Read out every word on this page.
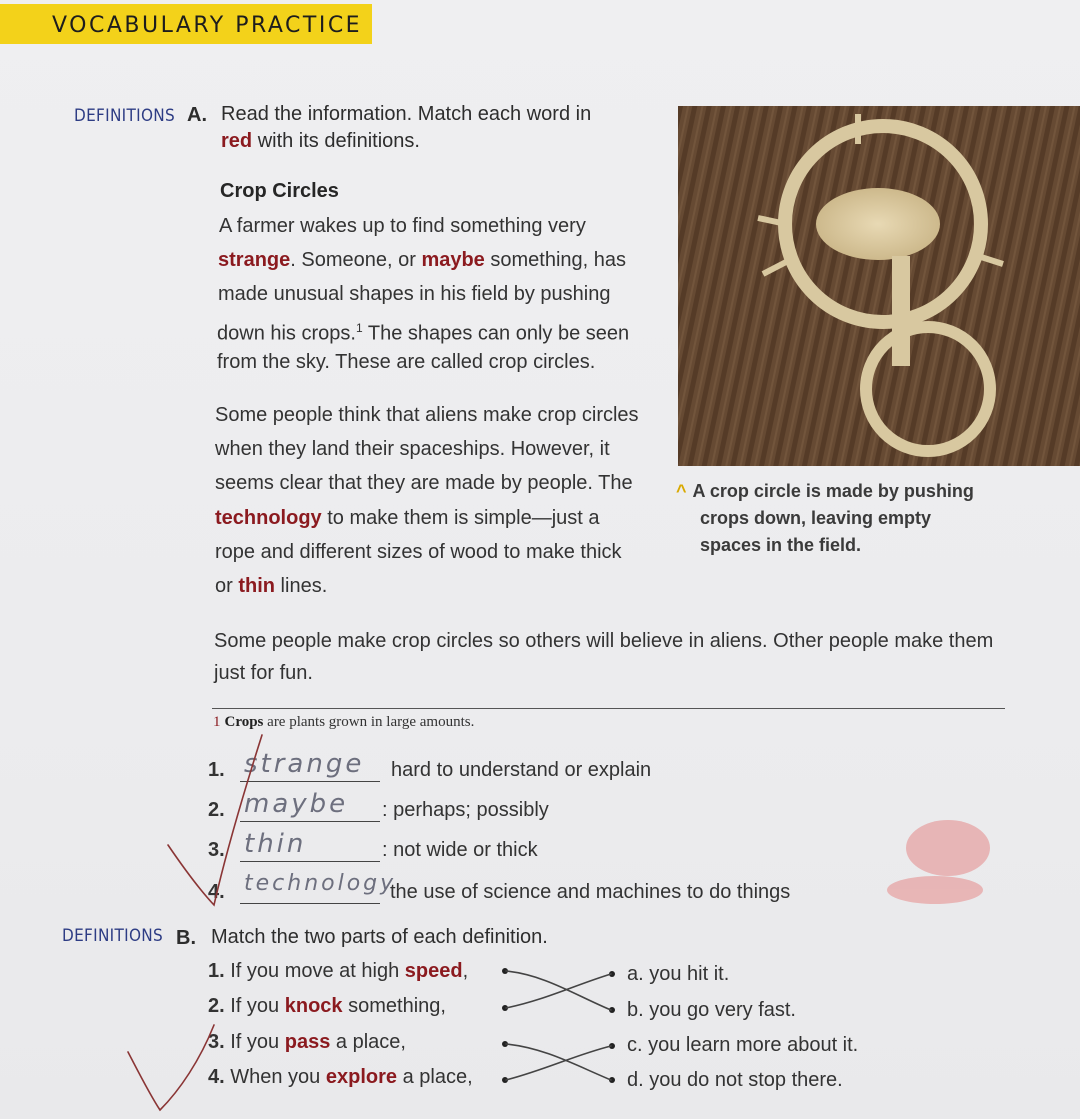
VOCABULARY PRACTICE
DEFINITIONS A. Read the information. Match each word in
red with its definitions.
Crop Circles

A farmer wakes up to find something very

strange. Someone, or maybe something, has

made unusual shapes in his field by pushing

down his crops.$^1$ The shapes can only be seen

from the sky. These are called crop circles.

Some people think that aliens make crop circles

when they land their spaceships. However, it

seems clear that they are made by people. The

technology to make them is simple—just a

rope and different sizes of wood to make thick

or thin lines.

Some people make crop circles so others will believe in aliens. Other people make them

just for fun.

^ A crop circle is made by pushing
crops down, leaving empty
spaces in the field.
1 Crops are plants grown in large amounts.
1. strange hard to understand or explain
2. maybe : perhaps; possibly
3. thin	: not wide or thick
4. technology
the use of science and machines to do things
DEFINITIONS B. Match the two parts of each definition.
1. If you move at high speed,
2. If you knock something,
3. If you pass a place,
4. When you explore a place,
a. you hit it.
b. you go very fast.
c. you learn more about it.
d. you do not stop there.
